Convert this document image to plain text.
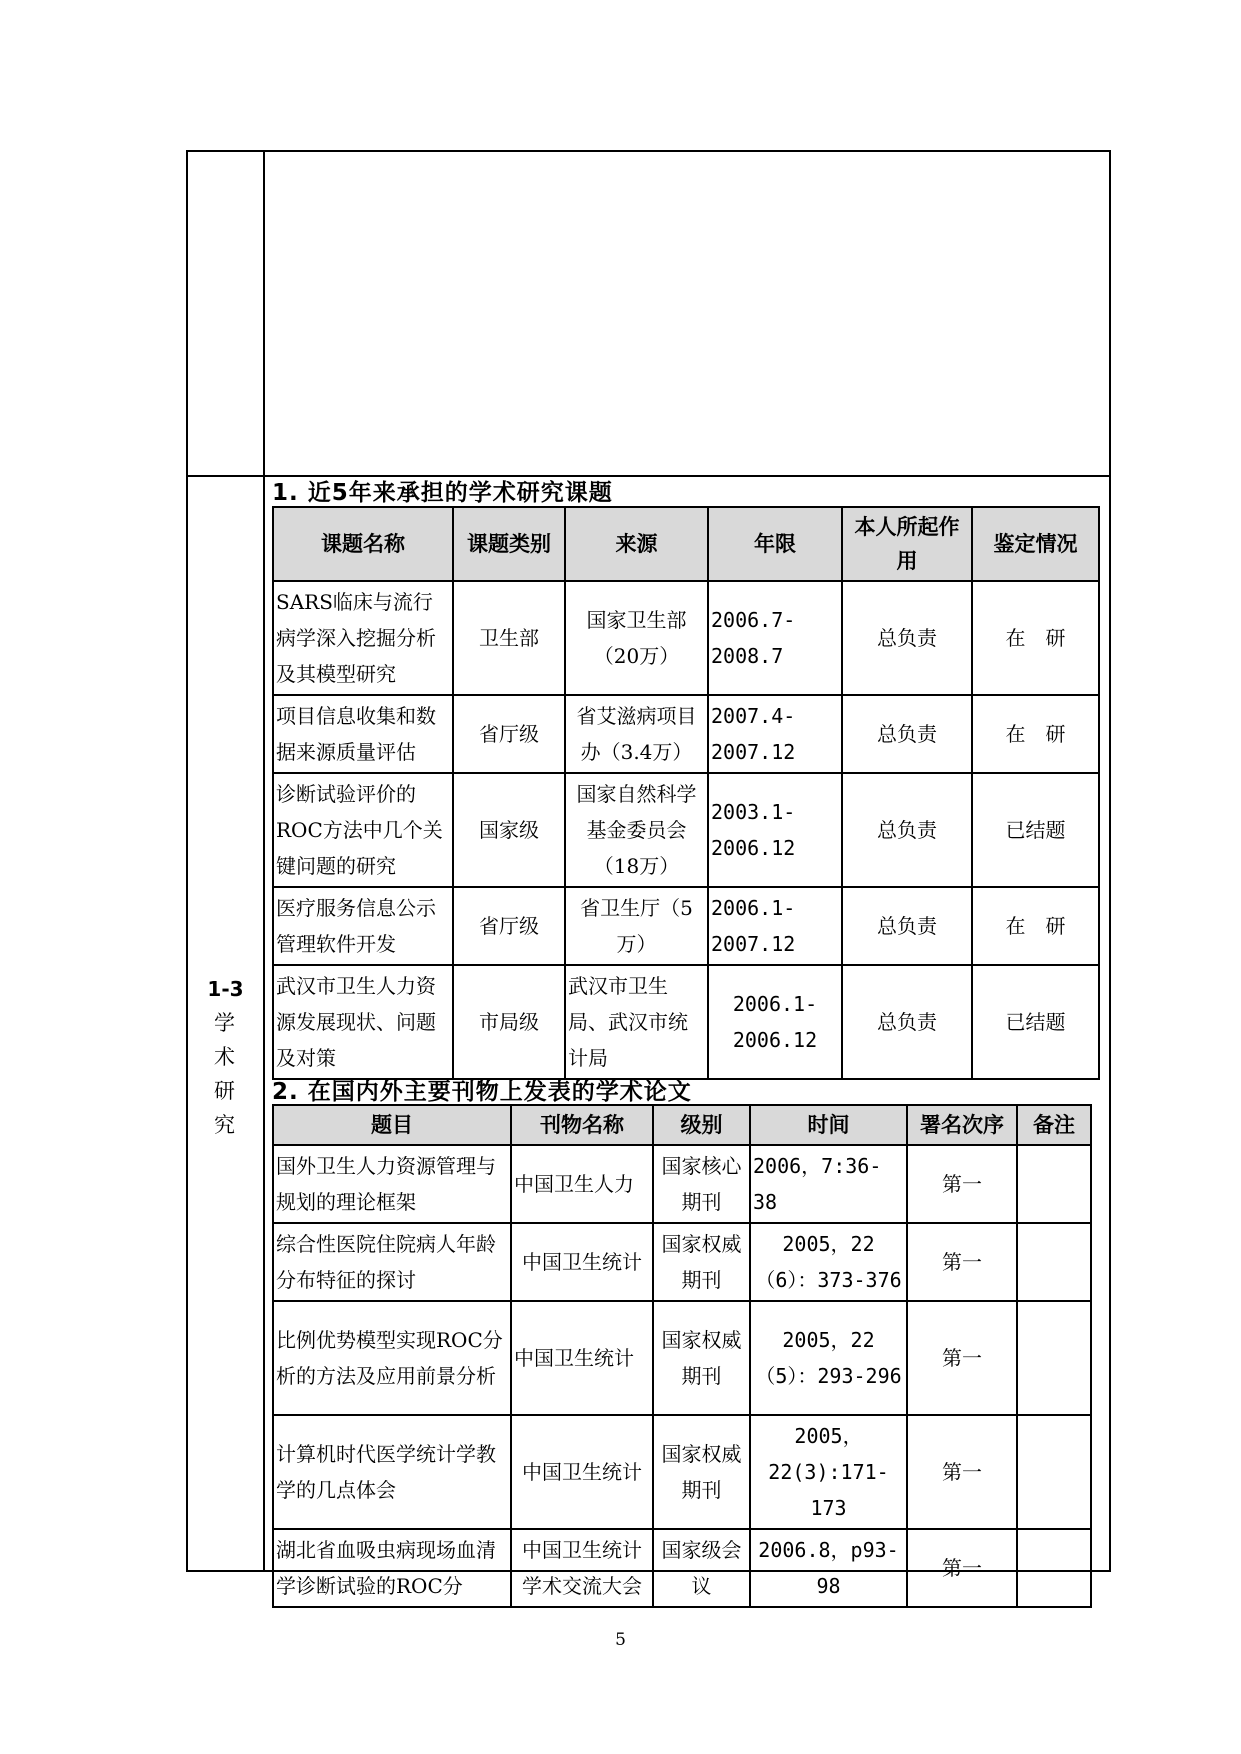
1-3
学术研究
1. 近5年来承担的学术研究课题
课题名称	课题类别	来源	年限	本人所起作用	鉴定情况
SARS临床与流行病学深入挖掘分析及其模型研究	卫生部	国家卫生部（20万）	2006.7-2008.7	总负责	在　研
项目信息收集和数据来源质量评估	省厅级	省艾滋病项目办（3.4万）	2007.4-2007.12	总负责	在　研
诊断试验评价的ROC方法中几个关键问题的研究	国家级	国家自然科学基金委员会（18万）	2003.1-2006.12	总负责	已结题
医疗服务信息公示管理软件开发	省厅级	省卫生厅（5万）	2006.1-2007.12	总负责	在　研
武汉市卫生人力资源发展现状、问题及对策	市局级	武汉市卫生局、武汉市统计局	2006.1-2006.12	总负责	已结题
2. 在国内外主要刊物上发表的学术论文
题目	刊物名称	级别	时间	署名次序	备注
国外卫生人力资源管理与规划的理论框架	中国卫生人力	国家核心期刊	2006，7:36-38	第一	
综合性医院住院病人年龄分布特征的探讨	中国卫生统计	国家权威期刊	2005，22（6）：373-376	第一	
比例优势模型实现ROC分析的方法及应用前景分析	中国卫生统计	国家权威期刊	2005，22（5）：293-296	第一	
计算机时代医学统计学教学的几点体会	中国卫生统计	国家权威期刊	2005，22(3):171-173	第一	
湖北省血吸虫病现场血清学诊断试验的ROC分	中国卫生统计学术交流大会	国家级会议	2006.8，p93-98	第一	
5
